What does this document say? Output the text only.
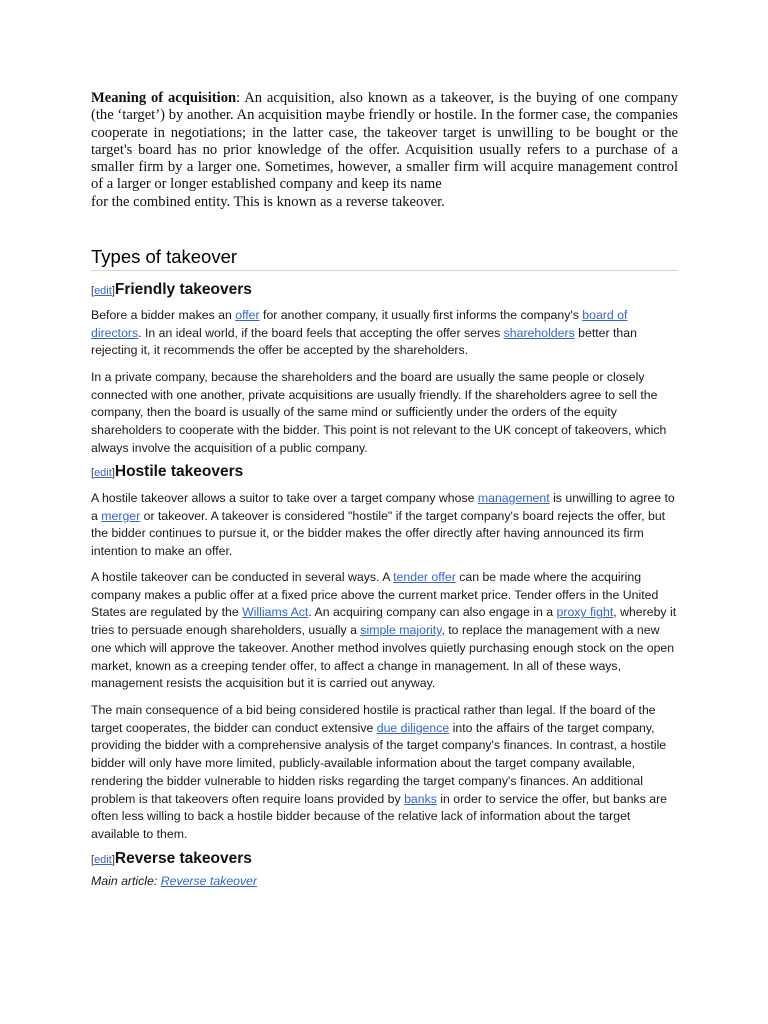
Meaning of acquisition: An acquisition, also known as a takeover, is the buying of one company (the ‘target’) by another. An acquisition maybe friendly or hostile. In the former case, the companies cooperate in negotiations; in the latter case, the takeover target is unwilling to be bought or the target's board has no prior knowledge of the offer. Acquisition usually refers to a purchase of a smaller firm by a larger one. Sometimes, however, a smaller firm will acquire management control of a larger or longer established company and keep its name
for the combined entity. This is known as a reverse takeover.

Types of takeover
[edit]Friendly takeovers

Before a bidder makes an offer for another company, it usually first informs the company's board of directors. In an ideal world, if the board feels that accepting the offer serves shareholders better than rejecting it, it recommends the offer be accepted by the shareholders.

In a private company, because the shareholders and the board are usually the same people or closely connected with one another, private acquisitions are usually friendly. If the shareholders agree to sell the company, then the board is usually of the same mind or sufficiently under the orders of the equity shareholders to cooperate with the bidder. This point is not relevant to the UK concept of takeovers, which always involve the acquisition of a public company.

[edit]Hostile takeovers

A hostile takeover allows a suitor to take over a target company whose management is unwilling to agree to a merger or takeover. A takeover is considered "hostile" if the target company's board rejects the offer, but the bidder continues to pursue it, or the bidder makes the offer directly after having announced its firm intention to make an offer.

A hostile takeover can be conducted in several ways. A tender offer can be made where the acquiring company makes a public offer at a fixed price above the current market price. Tender offers in the United States are regulated by the Williams Act. An acquiring company can also engage in a proxy fight, whereby it tries to persuade enough shareholders, usually a simple majority, to replace the management with a new one which will approve the takeover. Another method involves quietly purchasing enough stock on the open market, known as a creeping tender offer, to affect a change in management. In all of these ways, management resists the acquisition but it is carried out anyway.

The main consequence of a bid being considered hostile is practical rather than legal. If the board of the target cooperates, the bidder can conduct extensive due diligence into the affairs of the target company, providing the bidder with a comprehensive analysis of the target company's finances. In contrast, a hostile bidder will only have more limited, publicly-available information about the target company available, rendering the bidder vulnerable to hidden risks regarding the target company's finances. An additional problem is that takeovers often require loans provided by banks in order to service the offer, but banks are often less willing to back a hostile bidder because of the relative lack of information about the target available to them.

[edit]Reverse takeovers

Main article: Reverse takeover
